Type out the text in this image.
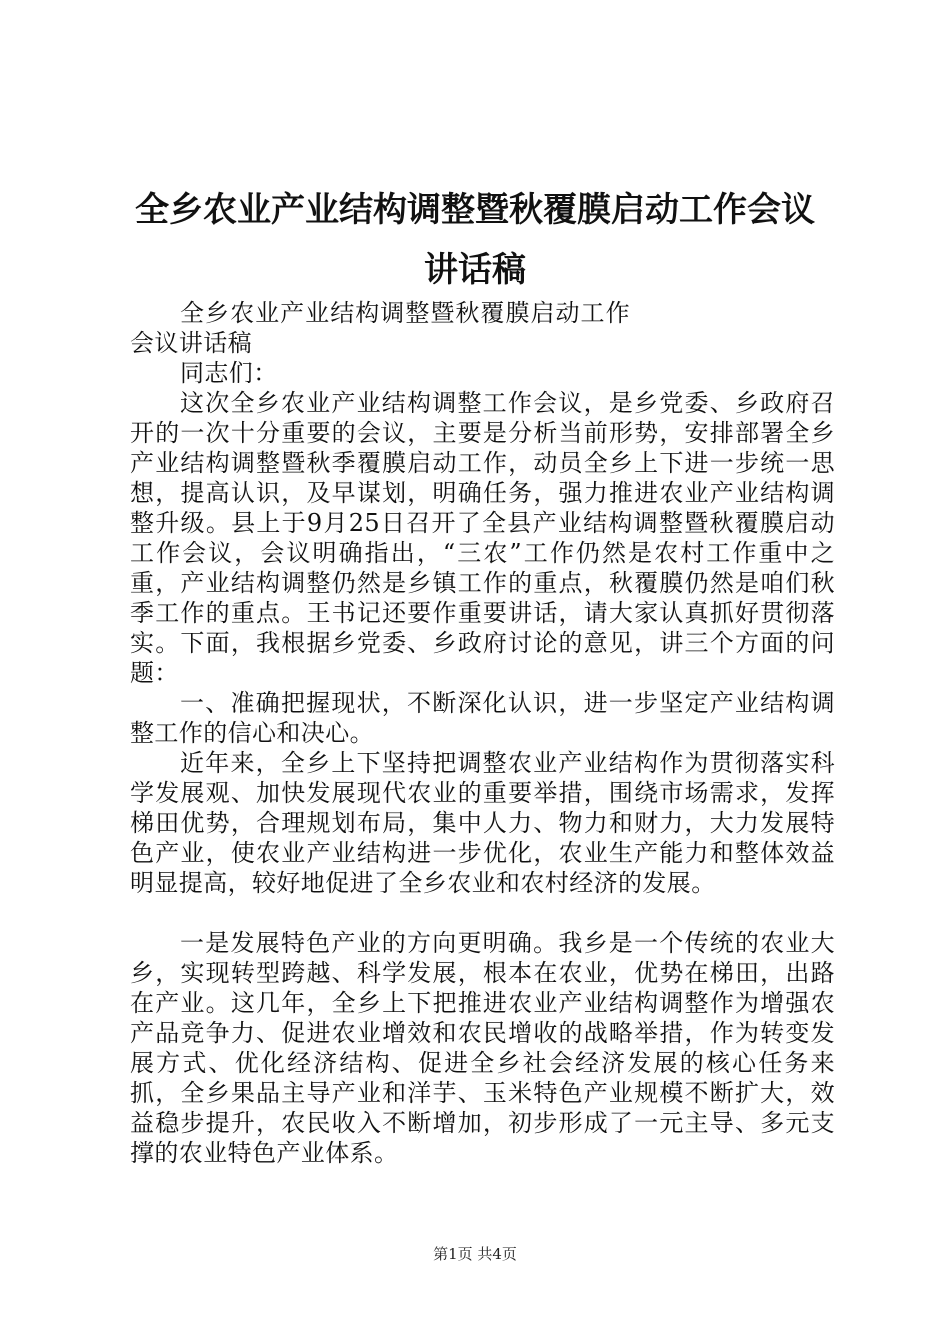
全乡农业产业结构调整暨秋覆膜启动工作会议
讲话稿

全乡农业产业结构调整暨秋覆膜启动工作会议讲话稿

同志们：

这次全乡农业产业结构调整工作会议，是乡党委、乡政府召开的一次十分重要的会议，主要是分析当前形势，安排部署全乡产业结构调整暨秋季覆膜启动工作，动员全乡上下进一步统一思想，提高认识，及早谋划，明确任务，强力推进农业产业结构调整升级。县上于9月25日召开了全县产业结构调整暨秋覆膜启动工作会议，会议明确指出，“三农”工作仍然是农村工作重中之重，产业结构调整仍然是乡镇工作的重点，秋覆膜仍然是咱们秋季工作的重点。王书记还要作重要讲话，请大家认真抓好贯彻落实。下面，我根据乡党委、乡政府讨论的意见，讲三个方面的问题：

一、准确把握现状，不断深化认识，进一步坚定产业结构调整工作的信心和决心。

近年来，全乡上下坚持把调整农业产业结构作为贯彻落实科学发展观、加快发展现代农业的重要举措，围绕市场需求，发挥梯田优势，合理规划布局，集中人力、物力和财力，大力发展特色产业，使农业产业结构进一步优化，农业生产能力和整体效益明显提高，较好地促进了全乡农业和农村经济的发展。

一是发展特色产业的方向更明确。我乡是一个传统的农业大乡，实现转型跨越、科学发展，根本在农业，优势在梯田，出路在产业。这几年，全乡上下把推进农业产业结构调整作为增强农产品竞争力、促进农业增效和农民增收的战略举措，作为转变发展方式、优化经济结构、促进全乡社会经济发展的核心任务来抓，全乡果品主导产业和洋芋、玉米特色产业规模不断扩大，效益稳步提升，农民收入不断增加，初步形成了一元主导、多元支撑的农业特色产业体系。

第1页 共4页
